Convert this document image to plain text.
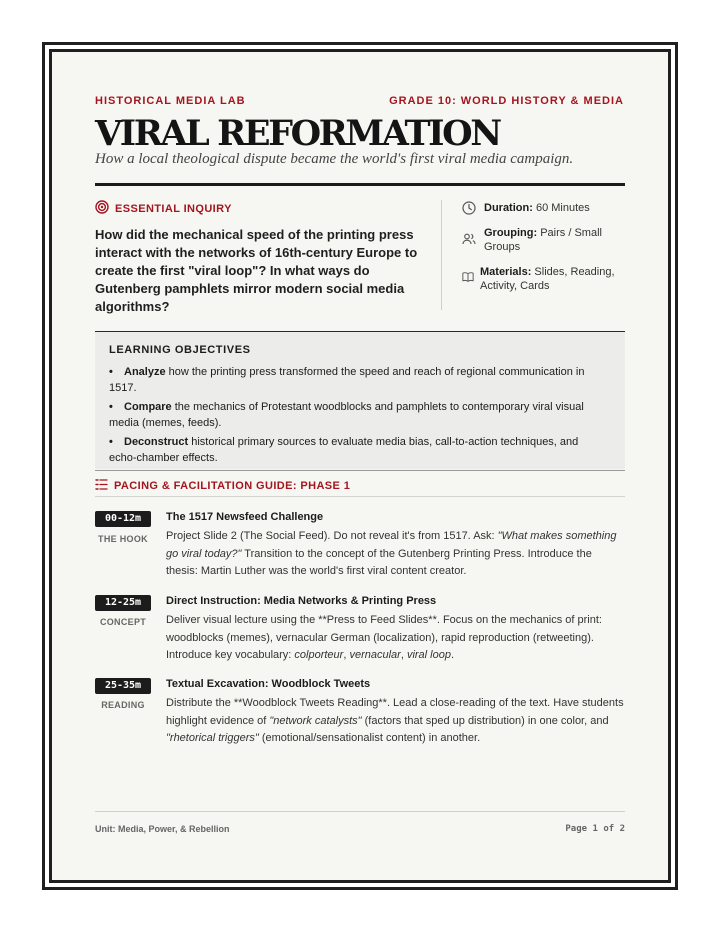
HISTORICAL MEDIA LAB	GRADE 10: WORLD HISTORY & MEDIA
VIRAL REFORMATION
How a local theological dispute became the world's first viral media campaign.
ESSENTIAL INQUIRY
How did the mechanical speed of the printing press interact with the networks of 16th-century Europe to create the first "viral loop"? In what ways do Gutenberg pamphlets mirror modern social media algorithms?
Duration: 60 Minutes
Grouping: Pairs / Small Groups
Materials: Slides, Reading, Activity, Cards
LEARNING OBJECTIVES
• Analyze how the printing press transformed the speed and reach of regional communication in 1517.
• Compare the mechanics of Protestant woodblocks and pamphlets to contemporary viral visual media (memes, feeds).
• Deconstruct historical primary sources to evaluate media bias, call-to-action techniques, and echo-chamber effects.
PACING & FACILITATION GUIDE: PHASE 1
00-12m
THE HOOK
The 1517 Newsfeed Challenge
Project Slide 2 (The Social Feed). Do not reveal it's from 1517. Ask: "What makes something go viral today?" Transition to the concept of the Gutenberg Printing Press. Introduce the thesis: Martin Luther was the world's first viral content creator.
12-25m
CONCEPT
Direct Instruction: Media Networks & Printing Press
Deliver visual lecture using the **Press to Feed Slides**. Focus on the mechanics of print: woodblocks (memes), vernacular German (localization), rapid reproduction (retweeting). Introduce key vocabulary: colporteur, vernacular, viral loop.
25-35m
READING
Textual Excavation: Woodblock Tweets
Distribute the **Woodblock Tweets Reading**. Lead a close-reading of the text. Have students highlight evidence of "network catalysts" (factors that sped up distribution) in one color, and "rhetorical triggers" (emotional/sensationalist content) in another.
Unit: Media, Power, & Rebellion	Page 1 of 2
